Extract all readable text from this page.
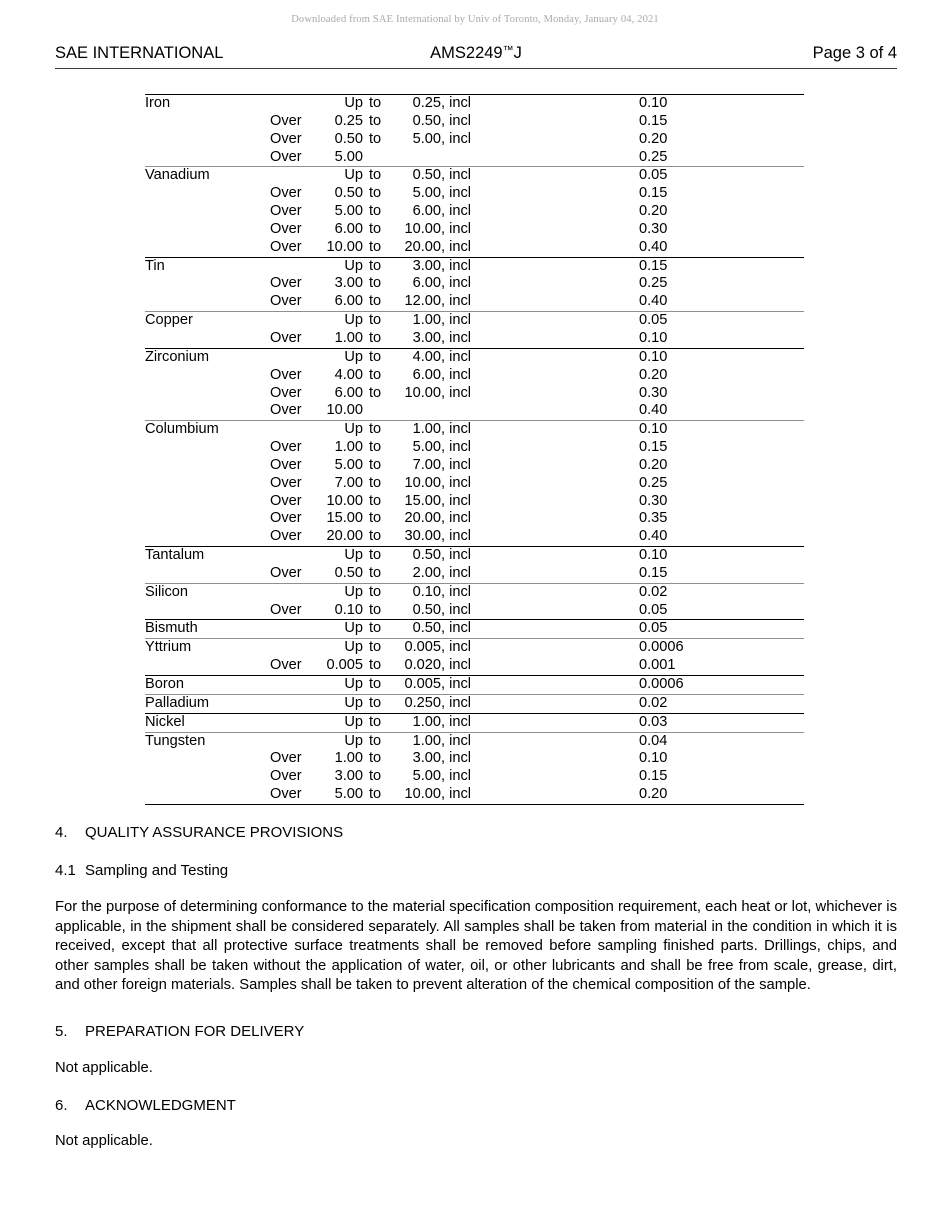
Downloaded from SAE International by Univ of Toronto, Monday, January 04, 2021
SAE INTERNATIONAL	AMS2249™J	Page 3 of 4
Iron	Up to	0.25 , incl	0.10
Over	0.25 to	0.50 , incl	0.15
Over	0.50 to	5.00 , incl	0.20
Over	5.00	0.25
Vanadium	Up to	0.50 , incl	0.05
Over	0.50 to	5.00 , incl	0.15
Over	5.00 to	6.00 , incl	0.20
Over	6.00 to	10.00 , incl	0.30
Over	10.00 to	20.00 , incl	0.40
Tin	Up to	3.00 , incl	0.15
Over	3.00 to	6.00 , incl	0.25
Over	6.00 to	12.00 , incl	0.40
Copper	Up to	1.00 , incl	0.05
Over	1.00 to	3.00 , incl	0.10
Zirconium	Up to	4.00 , incl	0.10
Over	4.00 to	6.00 , incl	0.20
Over	6.00 to	10.00 , incl	0.30
Over	10.00	0.40
Columbium	Up to	1.00 , incl	0.10
Over	1.00 to	5.00 , incl	0.15
Over	5.00 to	7.00 , incl	0.20
Over	7.00 to	10.00 , incl	0.25
Over	10.00 to	15.00 , incl	0.30
Over	15.00 to	20.00 , incl	0.35
Over	20.00 to	30.00 , incl	0.40
Tantalum	Up to	0.50 , incl	0.10
Over	0.50 to	2.00 , incl	0.15
Silicon	Up to	0.10 , incl	0.02
Over	0.10 to	0.50 , incl	0.05
Bismuth	Up to	0.50 , incl	0.05
Yttrium	Up to	0.005 , incl	0.0006
Over	0.005 to	0.020 , incl	0.001
Boron	Up to	0.005 , incl	0.0006
Palladium	Up to	0.250 , incl	0.02
Nickel	Up to	1.00 , incl	0.03
Tungsten	Up to	1.00 , incl	0.04
Over	1.00 to	3.00 , incl	0.10
Over	3.00 to	5.00 , incl	0.15
Over	5.00 to	10.00 , incl	0.20
4. QUALITY ASSURANCE PROVISIONS
4.1 Sampling and Testing
For the purpose of determining conformance to the material specification composition requirement, each heat or lot, whichever is applicable, in the shipment shall be considered separately. All samples shall be taken from material in the condition in which it is received, except that all protective surface treatments shall be removed before sampling finished parts. Drillings, chips, and other samples shall be taken without the application of water, oil, or other lubricants and shall be free from scale, grease, dirt, and other foreign materials. Samples shall be taken to prevent alteration of the chemical composition of the sample.
5. PREPARATION FOR DELIVERY
Not applicable.
6. ACKNOWLEDGMENT
Not applicable.
